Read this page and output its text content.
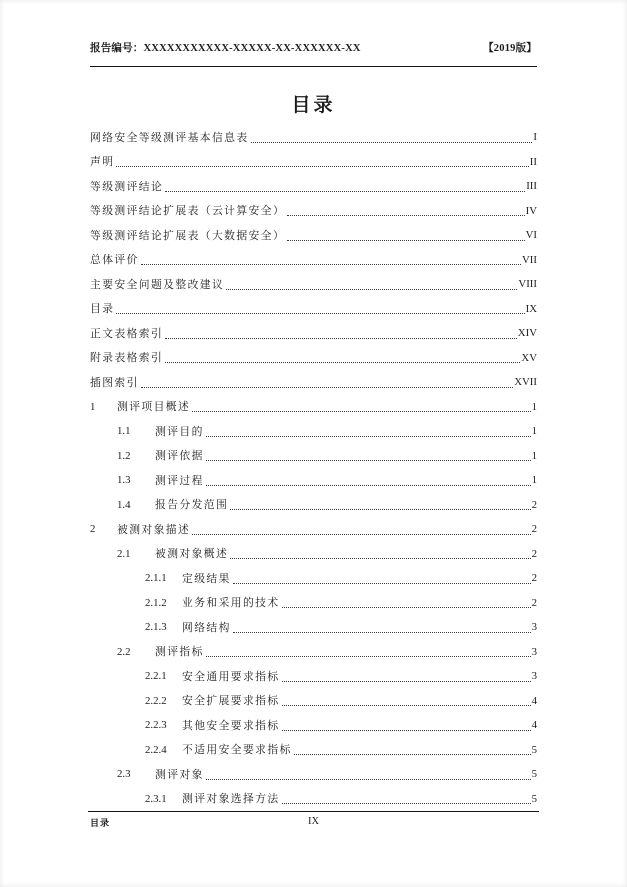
报告编号：XXXXXXXXXXX-XXXXX-XX-XXXXXX-XX	【2019版】
目录
网络安全等级测评基本信息表	I
声明	II
等级测评结论	III
等级测评结论扩展表（云计算安全）	IV
等级测评结论扩展表（大数据安全）	VI
总体评价	VII
主要安全问题及整改建议	VIII
目录	IX
正文表格索引	XIV
附录表格索引	XV
插图索引	XVII
1	测评项目概述	1
1.1	测评目的	1
1.2	测评依据	1
1.3	测评过程	1
1.4	报告分发范围	2
2	被测对象描述	2
2.1	被测对象概述	2
2.1.1	定级结果	2
2.1.2	业务和采用的技术	2
2.1.3	网络结构	3
2.2	测评指标	3
2.2.1	安全通用要求指标	3
2.2.2	安全扩展要求指标	4
2.2.3	其他安全要求指标	4
2.2.4	不适用安全要求指标	5
2.3	测评对象	5
2.3.1	测评对象选择方法	5
目录	IX
